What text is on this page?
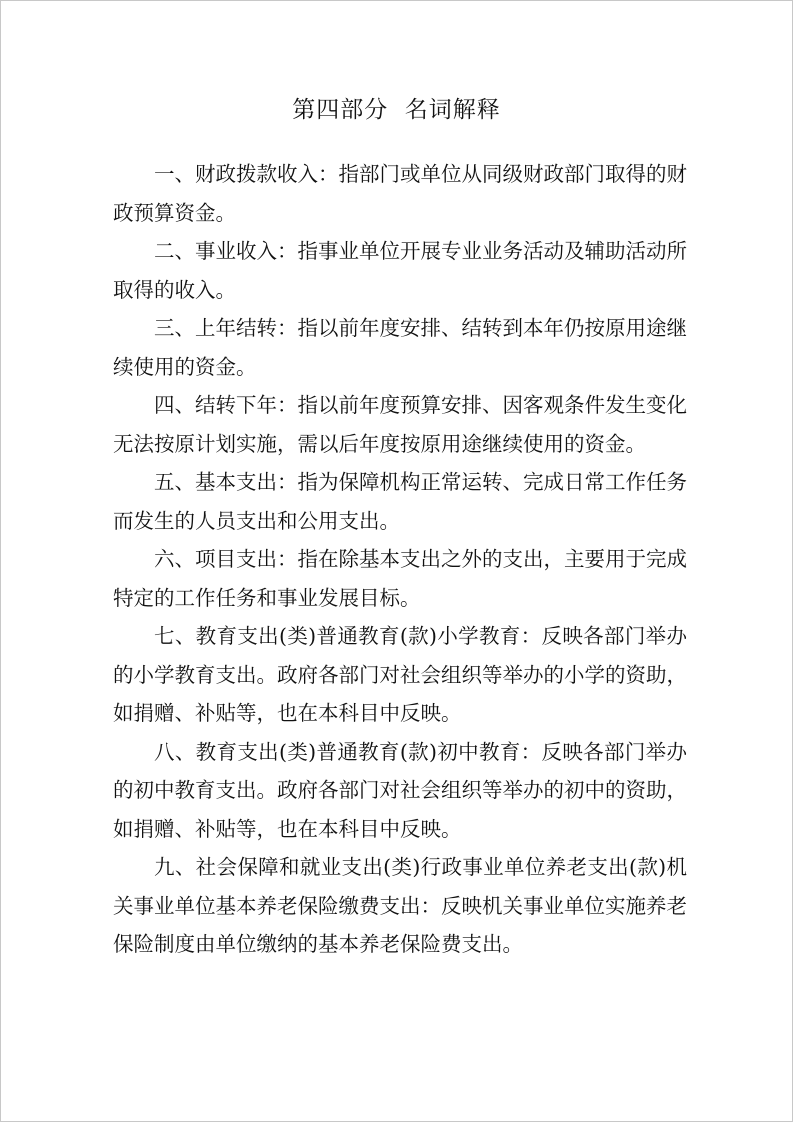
第四部分  名词解释

一、财政拨款收入：指部门或单位从同级财政部门取得的财政预算资金。

二、事业收入：指事业单位开展专业业务活动及辅助活动所取得的收入。

三、上年结转：指以前年度安排、结转到本年仍按原用途继续使用的资金。

四、结转下年：指以前年度预算安排、因客观条件发生变化无法按原计划实施，需以后年度按原用途继续使用的资金。

五、基本支出：指为保障机构正常运转、完成日常工作任务而发生的人员支出和公用支出。

六、项目支出：指在除基本支出之外的支出，主要用于完成特定的工作任务和事业发展目标。

七、教育支出(类)普通教育(款)小学教育：反映各部门举办的小学教育支出。政府各部门对社会组织等举办的小学的资助，如捐赠、补贴等，也在本科目中反映。

八、教育支出(类)普通教育(款)初中教育：反映各部门举办的初中教育支出。政府各部门对社会组织等举办的初中的资助，如捐赠、补贴等，也在本科目中反映。

九、社会保障和就业支出(类)行政事业单位养老支出(款)机关事业单位基本养老保险缴费支出：反映机关事业单位实施养老保险制度由单位缴纳的基本养老保险费支出。
